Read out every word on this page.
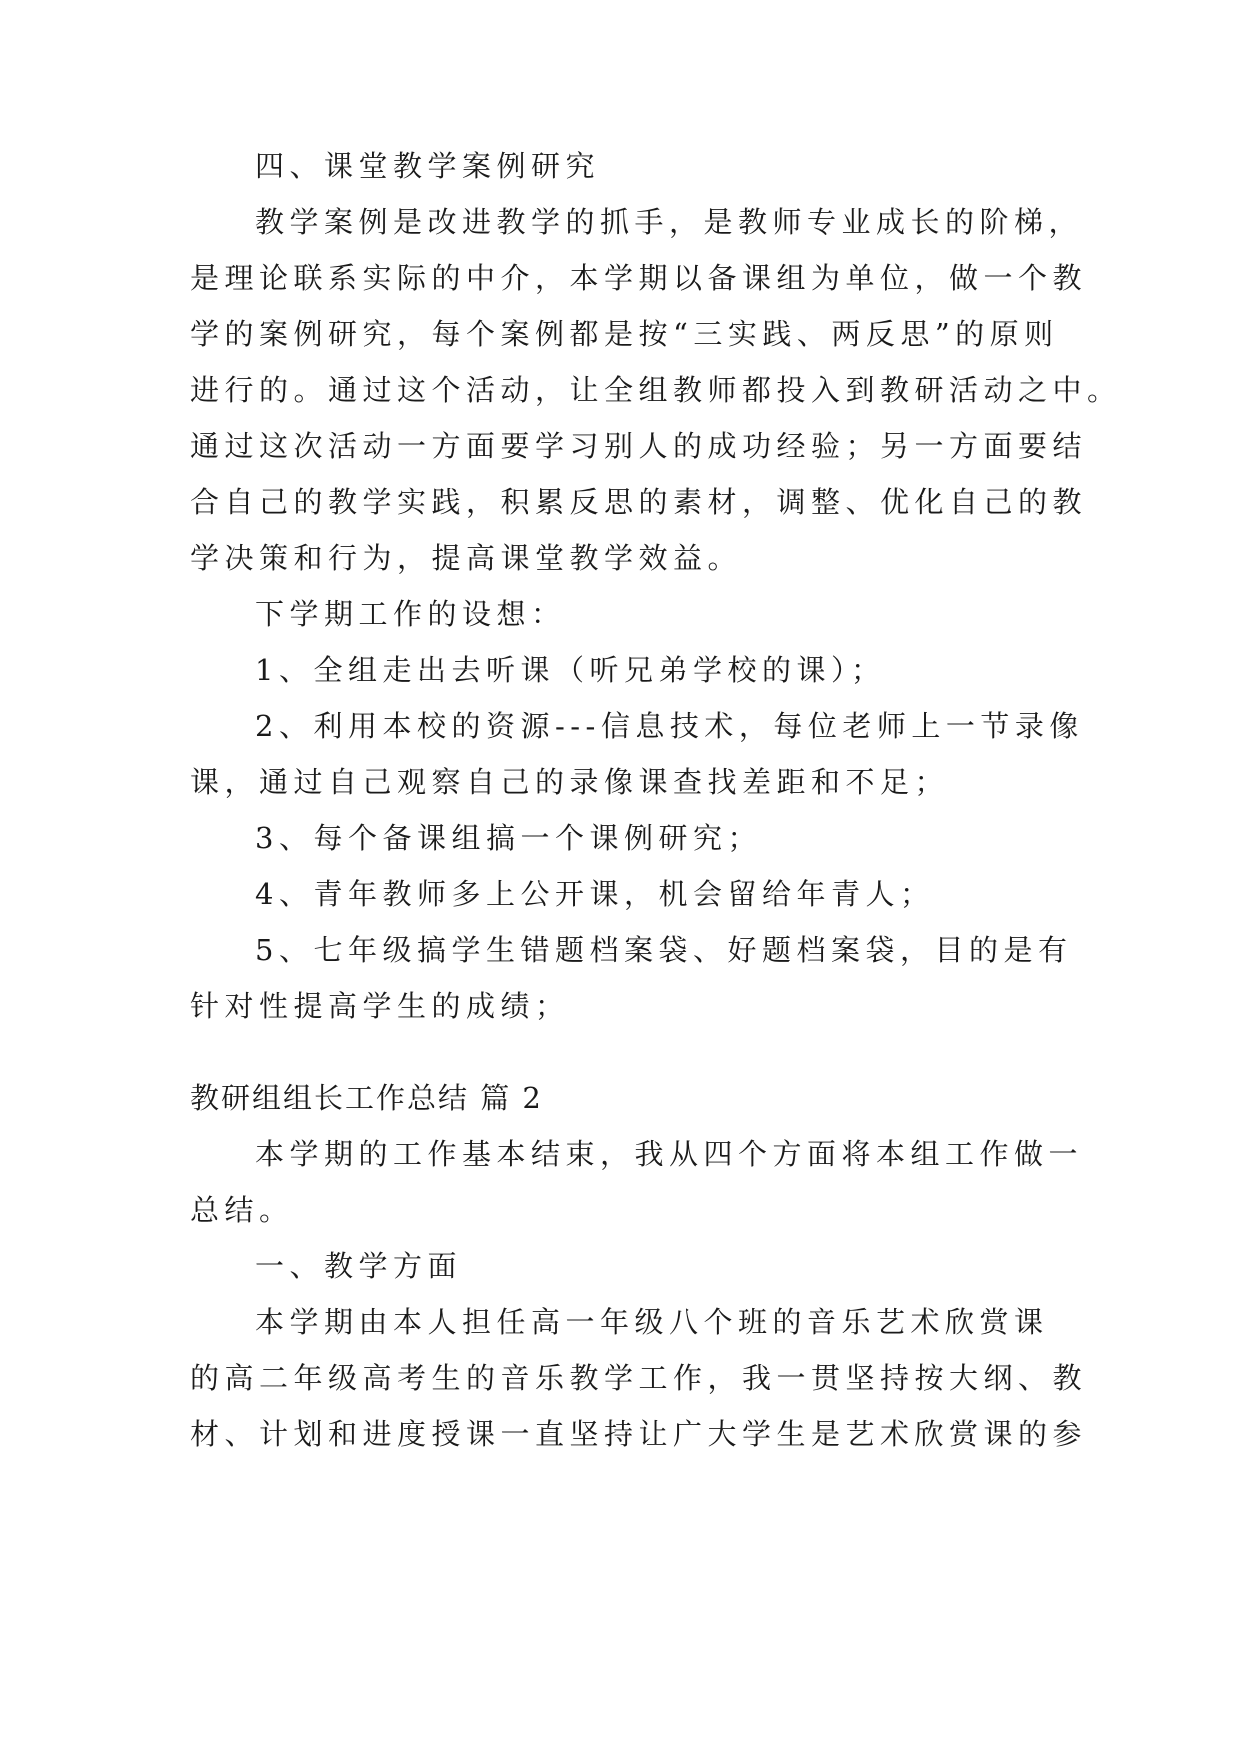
四、课堂教学案例研究
教学案例是改进教学的抓手，是教师专业成长的阶梯，
是理论联系实际的中介，本学期以备课组为单位，做一个教
学的案例研究，每个案例都是按“三实践、两反思”的原则
进行的。通过这个活动，让全组教师都投入到教研活动之中。
通过这次活动一方面要学习别人的成功经验；另一方面要结
合自己的教学实践，积累反思的素材，调整、优化自己的教
学决策和行为，提高课堂教学效益。
下学期工作的设想：
1、全组走出去听课（听兄弟学校的课）；
2、利用本校的资源---信息技术，每位老师上一节录像
课，通过自己观察自己的录像课查找差距和不足；
3、每个备课组搞一个课例研究；
4、青年教师多上公开课，机会留给年青人；
5、七年级搞学生错题档案袋、好题档案袋，目的是有
针对性提高学生的成绩；
教研组组长工作总结 篇 2
本学期的工作基本结束，我从四个方面将本组工作做一
总结。
一、教学方面
本学期由本人担任高一年级八个班的音乐艺术欣赏课
的高二年级高考生的音乐教学工作，我一贯坚持按大纲、教
材、计划和进度授课一直坚持让广大学生是艺术欣赏课的参
